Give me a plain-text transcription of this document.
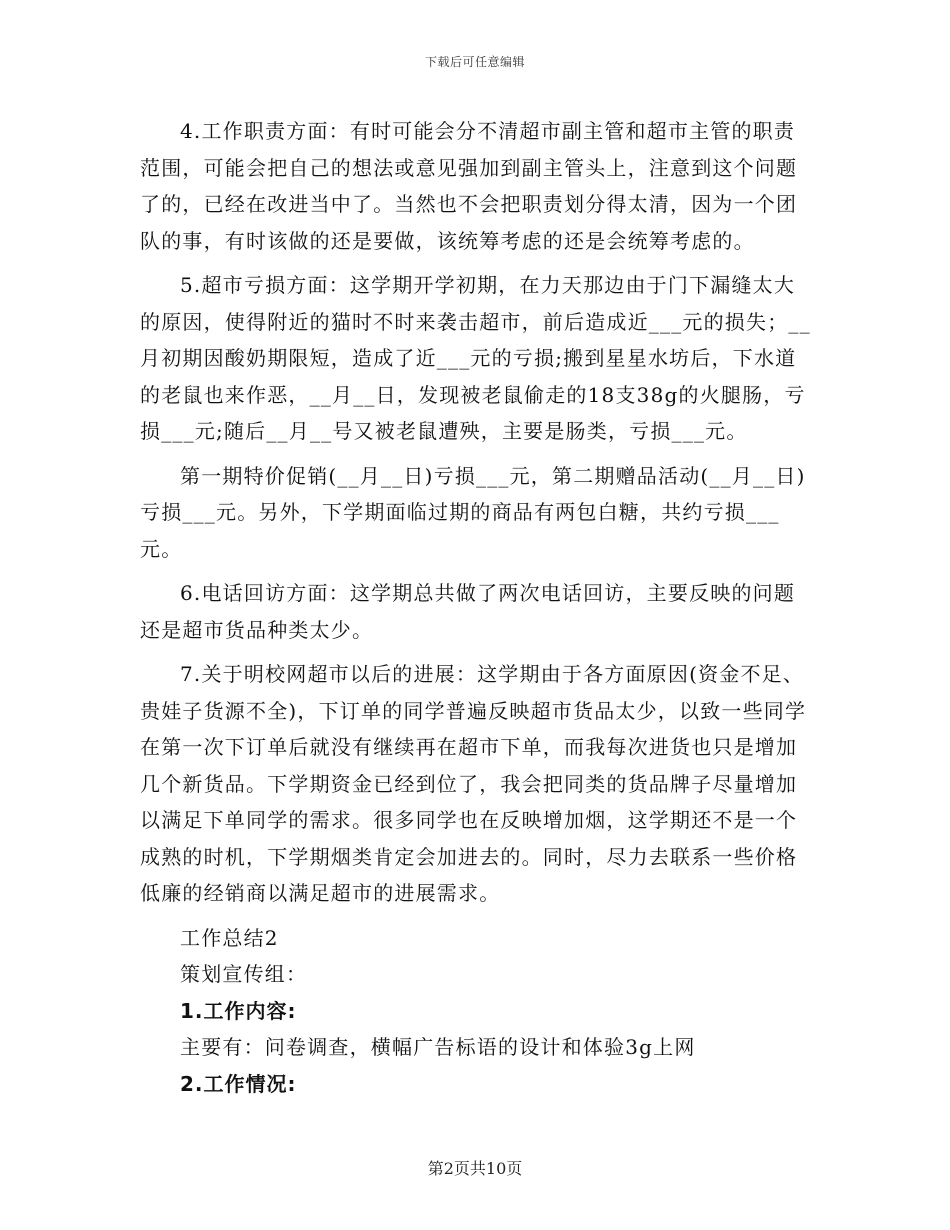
下载后可任意编辑

4.工作职责方面：有时可能会分不清超市副主管和超市主管的职责范围，可能会把自己的想法或意见强加到副主管头上，注意到这个问题了的，已经在改进当中了。当然也不会把职责划分得太清，因为一个团队的事，有时该做的还是要做，该统筹考虑的还是会统筹考虑的。

5.超市亏损方面：这学期开学初期，在力天那边由于门下漏缝太大的原因，使得附近的猫时不时来袭击超市，前后造成近___元的损失；__月初期因酸奶期限短，造成了近___元的亏损;搬到星星水坊后，下水道的老鼠也来作恶，__月__日，发现被老鼠偷走的18支38g的火腿肠，亏损___元;随后__月__号又被老鼠遭殃，主要是肠类，亏损___元。

第一期特价促销(__月__日)亏损___元，第二期赠品活动(__月__日)亏损___元。另外，下学期面临过期的商品有两包白糖，共约亏损___元。

6.电话回访方面：这学期总共做了两次电话回访，主要反映的问题还是超市货品种类太少。

7.关于明校网超市以后的进展：这学期由于各方面原因(资金不足、贵娃子货源不全)，下订单的同学普遍反映超市货品太少，以致一些同学在第一次下订单后就没有继续再在超市下单，而我每次进货也只是增加几个新货品。下学期资金已经到位了，我会把同类的货品牌子尽量增加以满足下单同学的需求。很多同学也在反映增加烟，这学期还不是一个成熟的时机，下学期烟类肯定会加进去的。同时，尽力去联系一些价格低廉的经销商以满足超市的进展需求。

工作总结2

策划宣传组：

1.工作内容:

主要有：问卷调查，横幅广告标语的设计和体验3g上网

2.工作情况:

第2页共10页
